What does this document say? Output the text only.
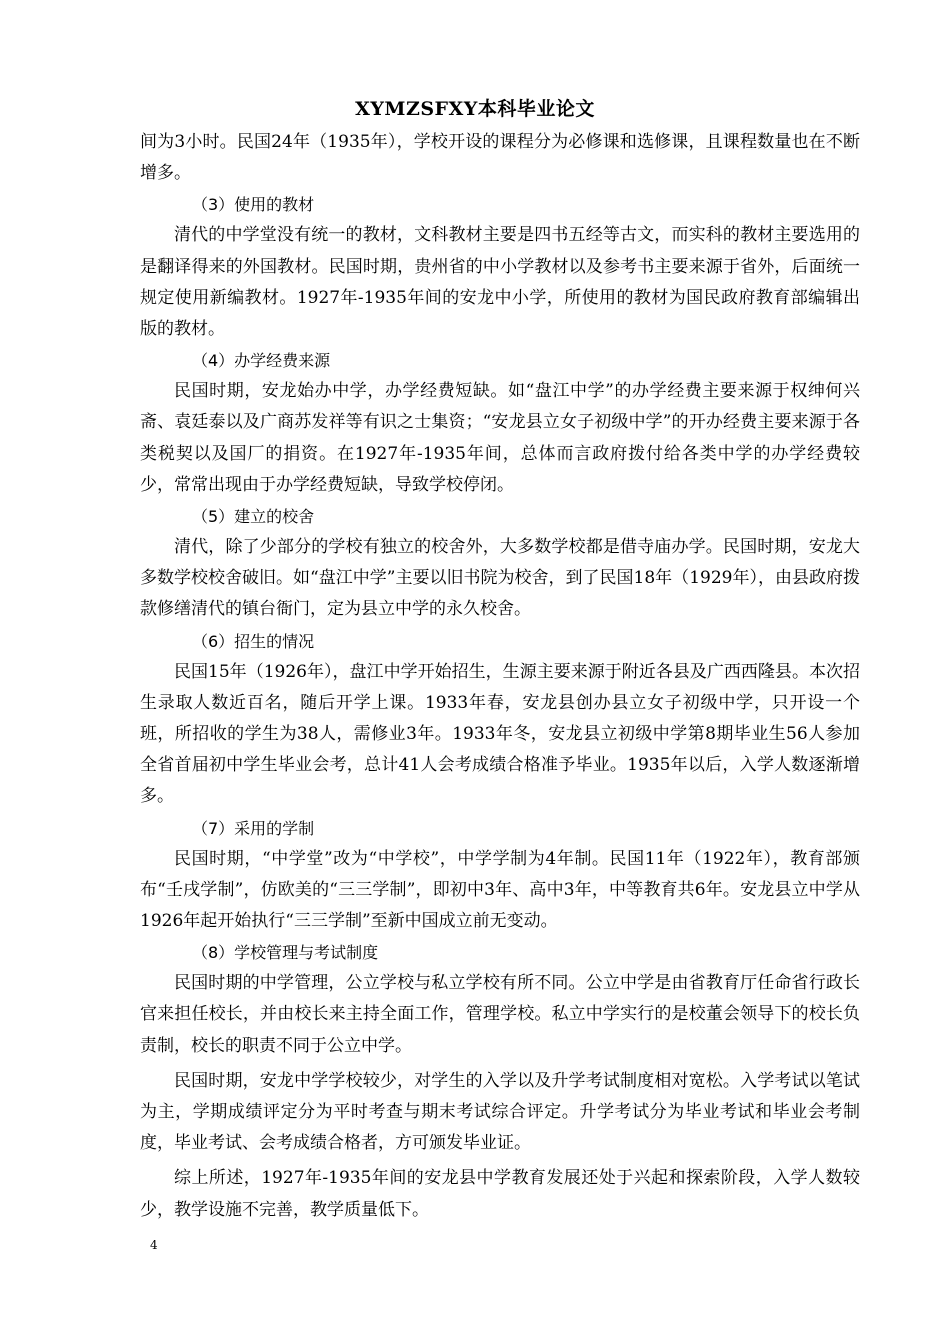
XYMZSFXY本科毕业论文

间为3小时。民国24年（1935年），学校开设的课程分为必修课和选修课，且课程数量也在不断增多。

（3）使用的教材

清代的中学堂没有统一的教材，文科教材主要是四书五经等古文，而实科的教材主要选用的是翻译得来的外国教材。民国时期，贵州省的中小学教材以及参考书主要来源于省外，后面统一规定使用新编教材。1927年-1935年间的安龙中小学，所使用的教材为国民政府教育部编辑出版的教材。

（4）办学经费来源

民国时期，安龙始办中学，办学经费短缺。如“盘江中学”的办学经费主要来源于权绅何兴斋、袁廷泰以及广商苏发祥等有识之士集资；“安龙县立女子初级中学”的开办经费主要来源于各类税契以及国厂的捐资。在1927年-1935年间，总体而言政府拨付给各类中学的办学经费较少，常常出现由于办学经费短缺，导致学校停闭。

（5）建立的校舍

清代，除了少部分的学校有独立的校舍外，大多数学校都是借寺庙办学。民国时期，安龙大多数学校校舍破旧。如“盘江中学”主要以旧书院为校舍，到了民国18年（1929年），由县政府拨款修缮清代的镇台衙门，定为县立中学的永久校舍。

（6）招生的情况

民国15年（1926年），盘江中学开始招生，生源主要来源于附近各县及广西西隆县。本次招生录取人数近百名，随后开学上课。1933年春，安龙县创办县立女子初级中学，只开设一个班，所招收的学生为38人，需修业3年。1933年冬，安龙县立初级中学第8期毕业生56人参加全省首届初中学生毕业会考，总计41人会考成绩合格准予毕业。1935年以后，入学人数逐渐增多。

（7）采用的学制

民国时期，“中学堂”改为“中学校”，中学学制为4年制。民国11年（1922年），教育部颁布“壬戌学制”，仿欧美的“三三学制”，即初中3年、高中3年，中等教育共6年。安龙县立中学从1926年起开始执行“三三学制”至新中国成立前无变动。

（8）学校管理与考试制度

民国时期的中学管理，公立学校与私立学校有所不同。公立中学是由省教育厅任命省行政长官来担任校长，并由校长来主持全面工作，管理学校。私立中学实行的是校董会领导下的校长负责制，校长的职责不同于公立中学。

民国时期，安龙中学学校较少，对学生的入学以及升学考试制度相对宽松。入学考试以笔试为主，学期成绩评定分为平时考查与期末考试综合评定。升学考试分为毕业考试和毕业会考制度，毕业考试、会考成绩合格者，方可颁发毕业证。

综上所述，1927年-1935年间的安龙县中学教育发展还处于兴起和探索阶段，入学人数较少，教学设施不完善，教学质量低下。

4
